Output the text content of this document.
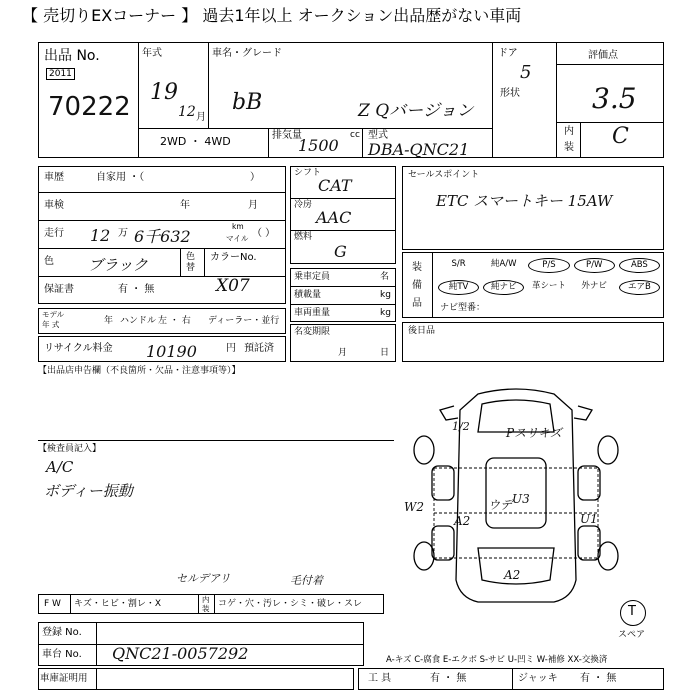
【 売切りEXコーナー 】 過去1年以上 オークション出品歴がない車両
出品 No.
2011
70222
年式
19
12 月
車名・グレード
bB	Z Qバージョン
ドア
5
形状
2WD ・ 4WD	排気量
1500
cc 型式
DBA-QNC21
評価点
3.5
内
装 C
車歴	自家用 ・（	）
車検	年	月
走行 12 万 6千632
km
マイル （ ）
色 ブラック	色
替
カラーNo.
X07
保証書	有 ・ 無
モデル
年 式	年 ハンドル 左 ・ 右 ディーラー・並行
リサイクル料金 10190	円 預託済
シフト
CAT
冷房
AAC
燃料
G
乗車定員	名
積載量	kg
車両重量	kg
名変期限
月	日
セールスポイント
ETC スマートキー 15AW
装
備
品
S/R	純A/W	P/S	P/W	ABS
純TV	純ナビ	革シート	外ナビ	エアB
ナビ型番：
後日品
【出品店申告欄（不良箇所・欠品・注意事項等）】
【検査員記入】
A/C
ボディー振動
1/2	Pスリキズ
W2
A2
ウデ U3
U1
A2
T
スペア
セルデアリ	毛付着
F W キズ・ヒビ・割レ・X	内
装 コゲ・穴・汚レ・シミ・破レ・スレ
登録 No.
車台 No. QNC21-0057292	A-キズ C-腐食 E-エクボ S-サビ U-凹ミ W-補修 XX-交換済
車庫証明用	工 具	有 ・ 無	ジャッキ 有 ・ 無
